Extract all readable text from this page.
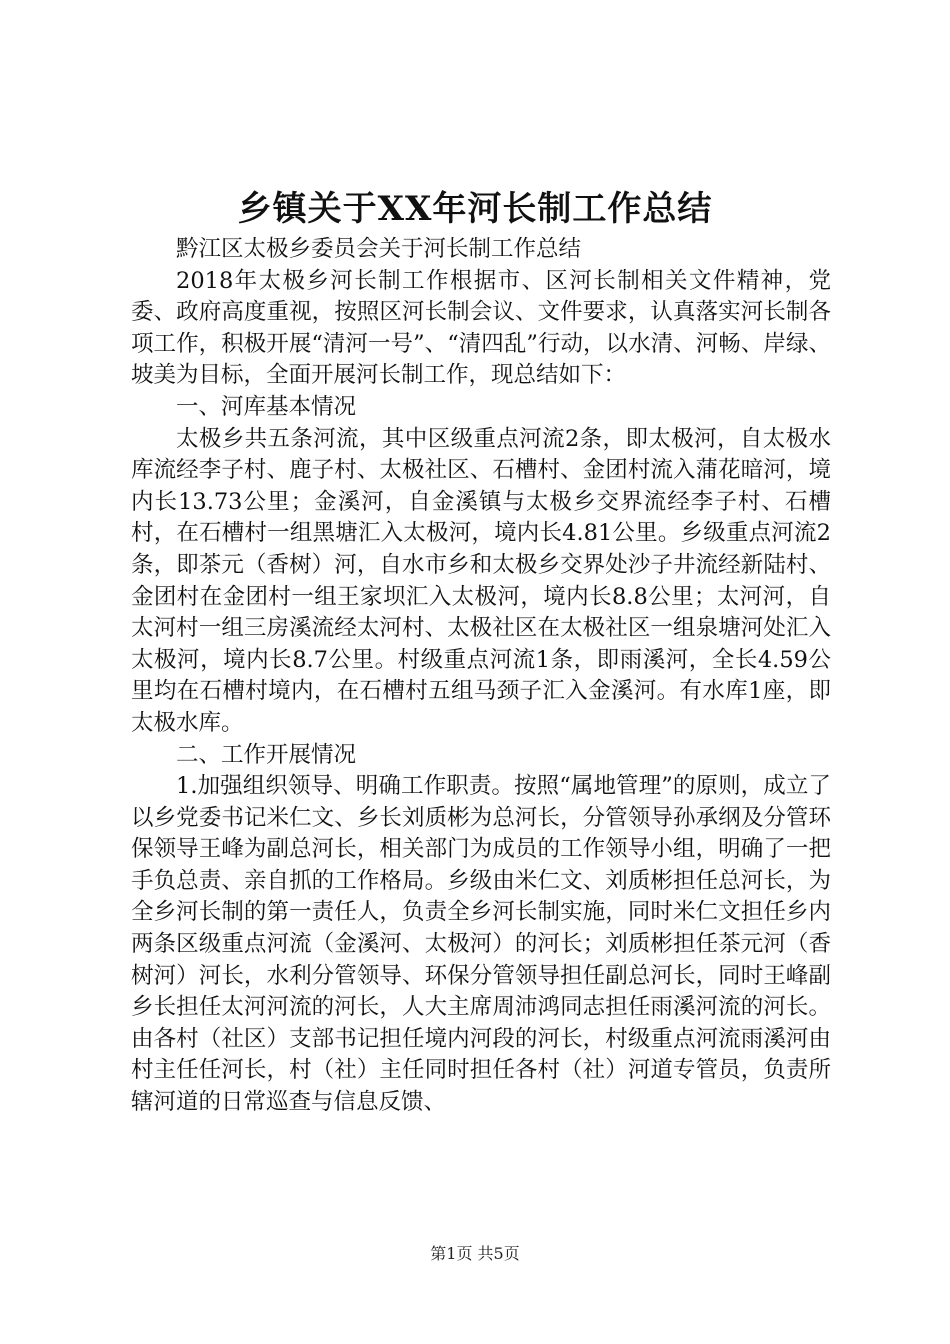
乡镇关于XX年河长制工作总结

黔江区太极乡委员会关于河长制工作总结

2018年太极乡河长制工作根据市、区河长制相关文件精神，党委、政府高度重视，按照区河长制会议、文件要求，认真落实河长制各项工作，积极开展“清河一号”、“清四乱”行动，以水清、河畅、岸绿、坡美为目标，全面开展河长制工作，现总结如下：

一、河库基本情况

太极乡共五条河流，其中区级重点河流2条，即太极河，自太极水库流经李子村、鹿子村、太极社区、石槽村、金团村流入蒲花暗河，境内长13.73公里；金溪河，自金溪镇与太极乡交界流经李子村、石槽村，在石槽村一组黑塘汇入太极河，境内长4.81公里。乡级重点河流2条，即茶元（香树）河，自水市乡和太极乡交界处沙子井流经新陆村、金团村在金团村一组王家坝汇入太极河，境内长8.8公里；太河河，自太河村一组三房溪流经太河村、太极社区在太极社区一组泉塘河处汇入太极河，境内长8.7公里。村级重点河流1条，即雨溪河，全长4.59公里均在石槽村境内，在石槽村五组马颈子汇入金溪河。有水库1座，即太极水库。

二、工作开展情况

1.加强组织领导、明确工作职责。按照“属地管理”的原则，成立了以乡党委书记米仁文、乡长刘质彬为总河长，分管领导孙承纲及分管环保领导王峰为副总河长，相关部门为成员的工作领导小组，明确了一把手负总责、亲自抓的工作格局。乡级由米仁文、刘质彬担任总河长，为全乡河长制的第一责任人，负责全乡河长制实施，同时米仁文担任乡内两条区级重点河流（金溪河、太极河）的河长；刘质彬担任茶元河（香树河）河长，水利分管领导、环保分管领导担任副总河长，同时王峰副乡长担任太河河流的河长，人大主席周沛鸿同志担任雨溪河流的河长。由各村（社区）支部书记担任境内河段的河长，村级重点河流雨溪河由村主任任河长，村（社）主任同时担任各村（社）河道专管员，负责所辖河道的日常巡查与信息反馈、

第1页 共5页
